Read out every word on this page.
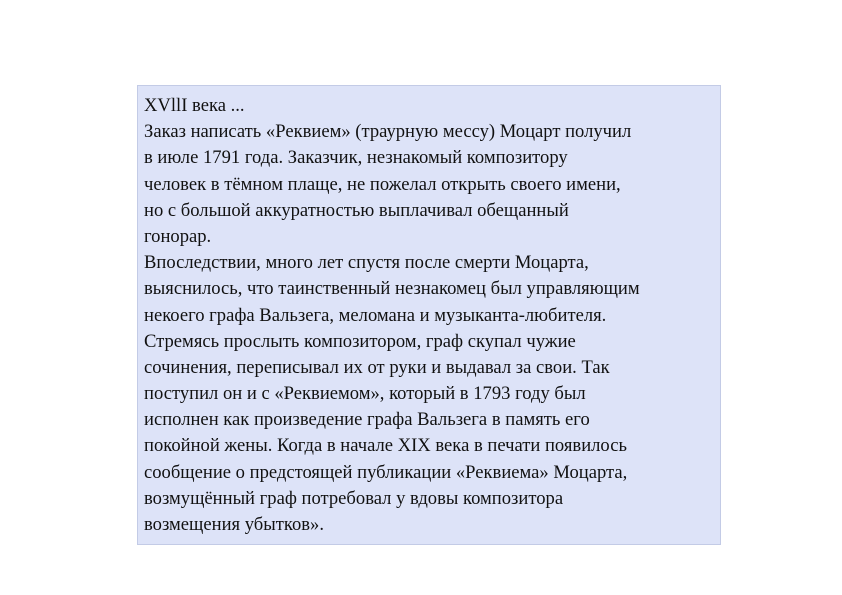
XVllI века ...
Заказ написать «Реквием» (траурную мессу) Моцарт получил
в июле 1791 года. Заказчик, незнакомый композитору
человек в тёмном плаще, не пожелал открыть своего имени,
но с большой аккуратностью выплачивал обещанный
гонорар.
Впоследствии, много лет спустя после смерти Моцарта,
выяснилось, что таинственный незнакомец был управляющим
некоего графа Вальзега, меломана и музыканта-любителя.
Стремясь прослыть композитором, граф скупал чужие
сочинения, переписывал их от руки и выдавал за свои. Так
поступил он и с «Реквиемом», который в 1793 году был
исполнен как произведение графа Вальзега в память его
покойной жены. Когда в начале XIX века в печати появилось
сообщение о предстоящей публикации «Реквиема» Моцарта,
возмущённый граф потребовал у вдовы композитора
возмещения убытков».
